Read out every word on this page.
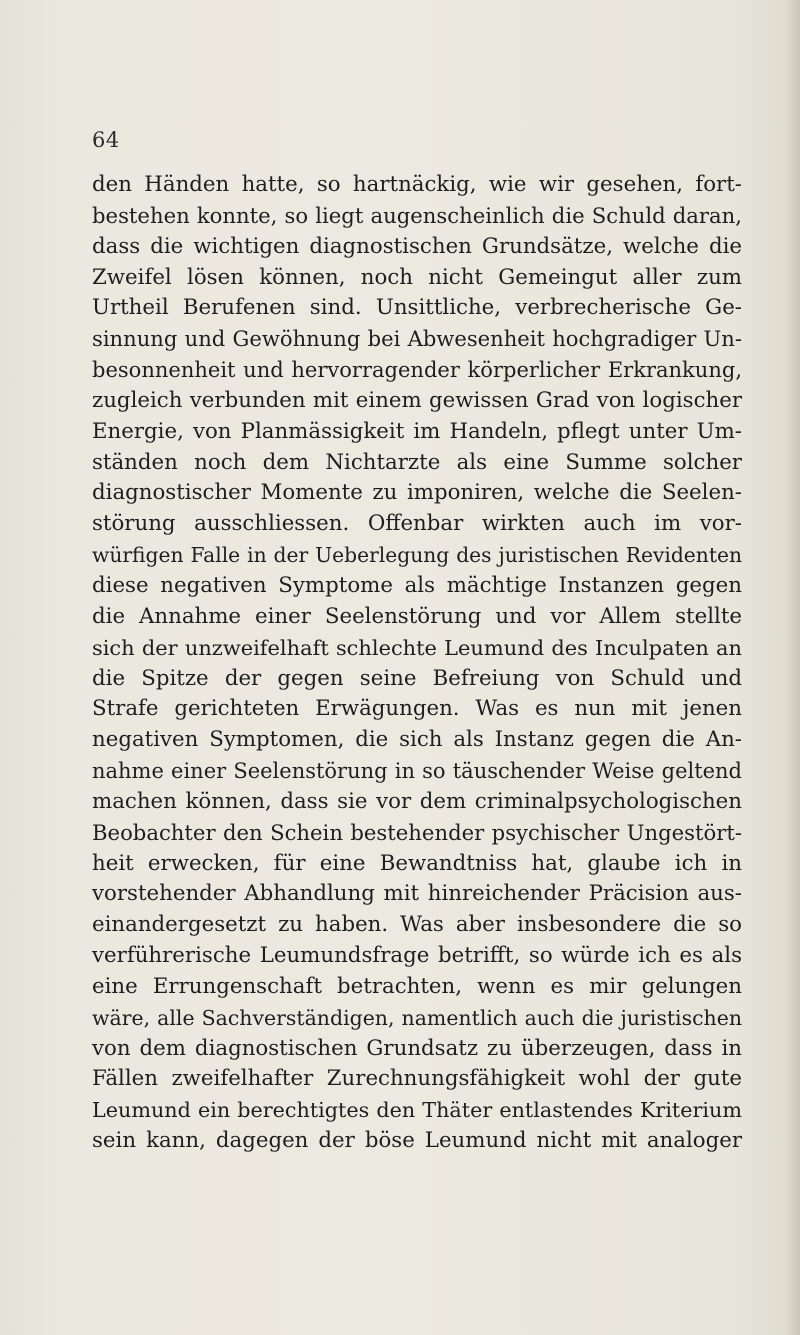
64
den Händen hatte, so hartnäckig, wie wir gesehen, fort-
bestehen konnte, so liegt augenscheinlich die Schuld daran,
dass die wichtigen diagnostischen Grundsätze, welche die
Zweifel lösen können, noch nicht Gemeingut aller zum
Urtheil Berufenen sind. Unsittliche, verbrecherische Ge-
sinnung und Gewöhnung bei Abwesenheit hochgradiger Un-
besonnenheit und hervorragender körperlicher Erkrankung,
zugleich verbunden mit einem gewissen Grad von logischer
Energie, von Planmässigkeit im Handeln, pflegt unter Um-
ständen noch dem Nichtarzte als eine Summe solcher
diagnostischer Momente zu imponiren, welche die Seelen-
störung ausschliessen. Offenbar wirkten auch im vor-
würfigen Falle in der Ueberlegung des juristischen Revidenten
diese negativen Symptome als mächtige Instanzen gegen
die Annahme einer Seelenstörung und vor Allem stellte
sich der unzweifelhaft schlechte Leumund des Inculpaten an
die Spitze der gegen seine Befreiung von Schuld und
Strafe gerichteten Erwägungen. Was es nun mit jenen
negativen Symptomen, die sich als Instanz gegen die An-
nahme einer Seelenstörung in so täuschender Weise geltend
machen können, dass sie vor dem criminalpsychologischen
Beobachter den Schein bestehender psychischer Ungestört-
heit erwecken, für eine Bewandtniss hat, glaube ich in
vorstehender Abhandlung mit hinreichender Präcision aus-
einandergesetzt zu haben. Was aber insbesondere die so
verführerische Leumundsfrage betrifft, so würde ich es als
eine Errungenschaft betrachten, wenn es mir gelungen
wäre, alle Sachverständigen, namentlich auch die juristischen
von dem diagnostischen Grundsatz zu überzeugen, dass in
Fällen zweifelhafter Zurechnungsfähigkeit wohl der gute
Leumund ein berechtigtes den Thäter entlastendes Kriterium
sein kann, dagegen der böse Leumund nicht mit analoger
